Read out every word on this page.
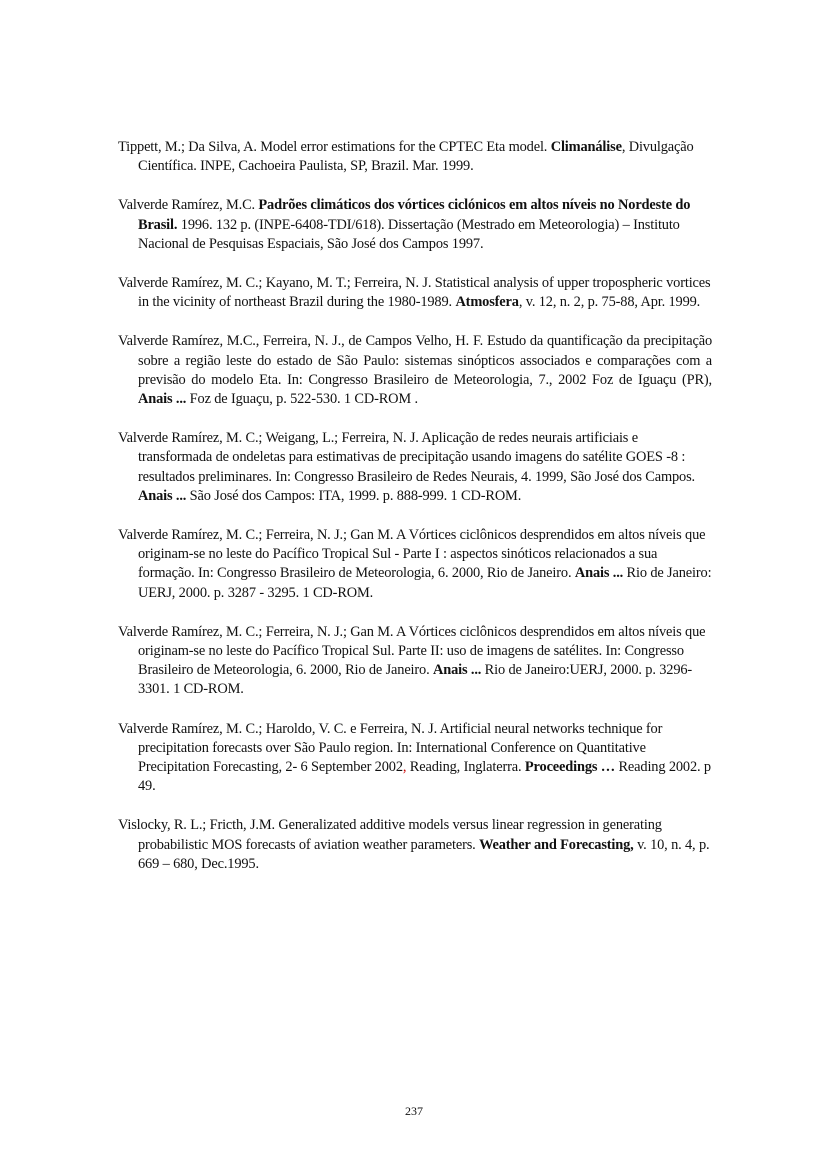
Tippett, M.; Da Silva, A. Model error estimations for the CPTEC Eta model. Climanálise, Divulgação Científica. INPE, Cachoeira Paulista, SP, Brazil. Mar. 1999.

Valverde Ramírez, M.C. Padrões climáticos dos vórtices ciclónicos em altos níveis no Nordeste do Brasil. 1996. 132 p. (INPE-6408-TDI/618). Dissertação (Mestrado em Meteorologia) – Instituto Nacional de Pesquisas Espaciais, São José dos Campos 1997.

Valverde Ramírez, M. C.; Kayano, M. T.; Ferreira, N. J. Statistical analysis of upper tropospheric vortices in the vicinity of northeast Brazil during the 1980-1989. Atmosfera, v. 12, n. 2, p. 75-88, Apr. 1999.

Valverde Ramírez, M.C., Ferreira, N. J., de Campos Velho, H. F. Estudo da quantificação da precipitação sobre a região leste do estado de São Paulo: sistemas sinópticos associados e comparações com a previsão do modelo Eta. In: Congresso Brasileiro de Meteorologia, 7., 2002 Foz de Iguaçu (PR), Anais ... Foz de Iguaçu, p. 522-530. 1 CD-ROM .

Valverde Ramírez, M. C.; Weigang, L.; Ferreira, N. J. Aplicação de redes neurais artificiais e transformada de ondeletas para estimativas de precipitação usando imagens do satélite GOES -8 : resultados preliminares. In: Congresso Brasileiro de Redes Neurais, 4. 1999, São José dos Campos. Anais ... São José dos Campos: ITA, 1999. p. 888-999. 1 CD-ROM.

Valverde Ramírez, M. C.; Ferreira, N. J.; Gan M. A Vórtices ciclônicos desprendidos em altos níveis que originam-se no leste do Pacífico Tropical Sul - Parte I : aspectos sinóticos relacionados a sua formação. In: Congresso Brasileiro de Meteorologia, 6. 2000, Rio de Janeiro. Anais ... Rio de Janeiro: UERJ, 2000. p. 3287 - 3295. 1 CD-ROM.

Valverde Ramírez, M. C.; Ferreira, N. J.; Gan M. A Vórtices ciclônicos desprendidos em altos níveis que originam-se no leste do Pacífico Tropical Sul. Parte II: uso de imagens de satélites. In: Congresso Brasileiro de Meteorologia, 6. 2000, Rio de Janeiro. Anais ... Rio de Janeiro:UERJ, 2000. p. 3296-3301. 1 CD-ROM.

Valverde Ramírez, M. C.; Haroldo, V. C. e Ferreira, N. J. Artificial neural networks technique for precipitation forecasts over São Paulo region. In: International Conference on Quantitative Precipitation Forecasting, 2- 6 September 2002, Reading, Inglaterra. Proceedings … Reading 2002. p 49.

Vislocky, R. L.; Fricth, J.M. Generalizated additive models versus linear regression in generating probabilistic MOS forecasts of aviation weather parameters. Weather and Forecasting, v. 10, n. 4, p. 669 – 680, Dec.1995.

237
